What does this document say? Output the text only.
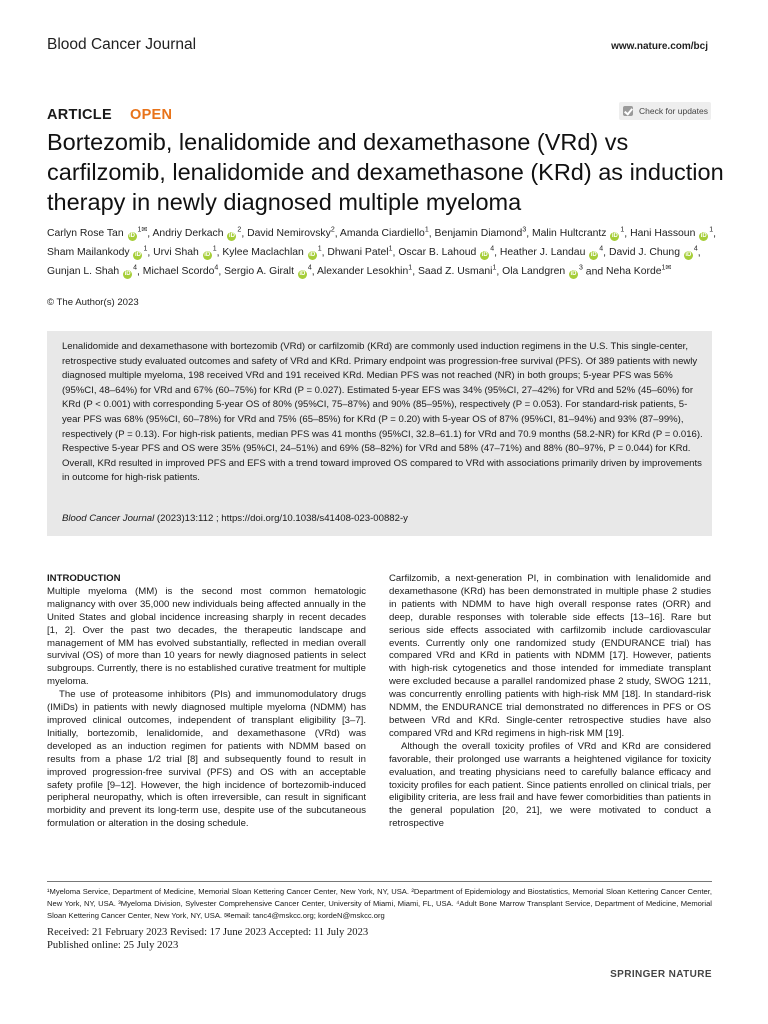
Blood Cancer Journal	www.nature.com/bcj
ARTICLE OPEN	Check for updates
Bortezomib, lenalidomide and dexamethasone (VRd) vs carfilzomib, lenalidomide and dexamethasone (KRd) as induction therapy in newly diagnosed multiple myeloma
Carlyn Rose Tan $iD^{1✉}$, Andriy Derkach $iD^2$, David Nemirovsky$^2$, Amanda Ciardiello$^1$, Benjamin Diamond$^3$, Malin Hultcrantz $iD^1$, Hani Hassoun $iD^1$, Sham Mailankody $iD^1$, Urvi Shah $iD^1$, Kylee Maclachlan $iD^1$, Dhwani Patel$^1$, Oscar B. Lahoud $iD^4$, Heather J. Landau $iD^4$, David J. Chung $iD^4$, Gunjan L. Shah $iD^4$, Michael Scordo$^4$, Sergio A. Giralt $iD^4$, Alexander Lesokhin$^1$, Saad Z. Usmani$^1$, Ola Landgren $iD^3$ and Neha Korde$^{1✉}$
© The Author(s) 2023
Lenalidomide and dexamethasone with bortezomib (VRd) or carfilzomib (KRd) are commonly used induction regimens in the U.S. This single-center, retrospective study evaluated outcomes and safety of VRd and KRd. Primary endpoint was progression-free survival (PFS). Of 389 patients with newly diagnosed multiple myeloma, 198 received VRd and 191 received KRd. Median PFS was not reached (NR) in both groups; 5-year PFS was 56% (95%CI, 48–64%) for VRd and 67% (60–75%) for KRd (P = 0.027). Estimated 5-year EFS was 34% (95%CI, 27–42%) for VRd and 52% (45–60%) for KRd (P < 0.001) with corresponding 5-year OS of 80% (95%CI, 75–87%) and 90% (85–95%), respectively (P = 0.053). For standard-risk patients, 5-year PFS was 68% (95%CI, 60–78%) for VRd and 75% (65–85%) for KRd (P = 0.20) with 5-year OS of 87% (95%CI, 81–94%) and 93% (87–99%), respectively (P = 0.13). For high-risk patients, median PFS was 41 months (95%CI, 32.8–61.1) for VRd and 70.9 months (58.2-NR) for KRd (P = 0.016). Respective 5-year PFS and OS were 35% (95%CI, 24–51%) and 69% (58–82%) for VRd and 58% (47–71%) and 88% (80–97%, P = 0.044) for KRd. Overall, KRd resulted in improved PFS and EFS with a trend toward improved OS compared to VRd with associations primarily driven by improvements in outcome for high-risk patients.
Blood Cancer Journal (2023)13:112 ; https://doi.org/10.1038/s41408-023-00882-y
INTRODUCTION

Multiple myeloma (MM) is the second most common hematologic malignancy with over 35,000 new individuals being affected annually in the United States and global incidence increasing sharply in recent decades [1, 2]. Over the past two decades, the therapeutic landscape and management of MM has evolved substantially, reflected in median overall survival (OS) of more than 10 years for newly diagnosed patients in select subgroups. Currently, there is no established curative treatment for multiple myeloma.

The use of proteasome inhibitors (PIs) and immunomodulatory drugs (IMiDs) in patients with newly diagnosed multiple myeloma (NDMM) has improved clinical outcomes, independent of transplant eligibility [3–7]. Initially, bortezomib, lenalidomide, and dexamethasone (VRd) was developed as an induction regimen for patients with NDMM based on results from a phase 1/2 trial [8] and subsequently found to result in improved progression-free survival (PFS) and OS with an acceptable safety profile [9–12]. However, the high incidence of bortezomib-induced peripheral neuropathy, which is often irreversible, can result in significant morbidity and prevent its long-term use, despite use of the subcutaneous formulation or alteration in the dosing schedule.

Carfilzomib, a next-generation PI, in combination with lenalidomide and dexamethasone (KRd) has been demonstrated in multiple phase 2 studies in patients with NDMM to have high overall response rates (ORR) and deep, durable responses with tolerable side effects [13–16]. Rare but serious side effects associated with carfilzomib include cardiovascular events. Currently only one randomized study (ENDURANCE trial) has compared VRd and KRd in patients with NDMM [17]. However, patients with high-risk cytogenetics and those intended for immediate transplant were excluded because a parallel randomized phase 2 study, SWOG 1211, was concurrently enrolling patients with high-risk MM [18]. In standard-risk NDMM, the ENDURANCE trial demonstrated no differences in PFS or OS between VRd and KRd. Single-center retrospective studies have also compared VRd and KRd regimens in high-risk MM [19].

Although the overall toxicity profiles of VRd and KRd are considered favorable, their prolonged use warrants a heightened vigilance for toxicity evaluation, and treating physicians need to carefully balance efficacy and toxicity profiles for each patient. Since patients enrolled on clinical trials, per eligibility criteria, are less frail and have fewer comorbidities than patients in the general population [20, 21], we were motivated to conduct a retrospective

¹Myeloma Service, Department of Medicine, Memorial Sloan Kettering Cancer Center, New York, NY, USA. ²Department of Epidemiology and Biostatistics, Memorial Sloan Kettering Cancer Center, New York, NY, USA. ³Myeloma Division, Sylvester Comprehensive Cancer Center, University of Miami, Miami, FL, USA. ⁴Adult Bone Marrow Transplant Service, Department of Medicine, Memorial Sloan Kettering Cancer Center, New York, NY, USA. ✉email: tanc4@mskcc.org; kordeN@mskcc.org
Received: 21 February 2023 Revised: 17 June 2023 Accepted: 11 July 2023
Published online: 25 July 2023
SPRINGER NATURE
